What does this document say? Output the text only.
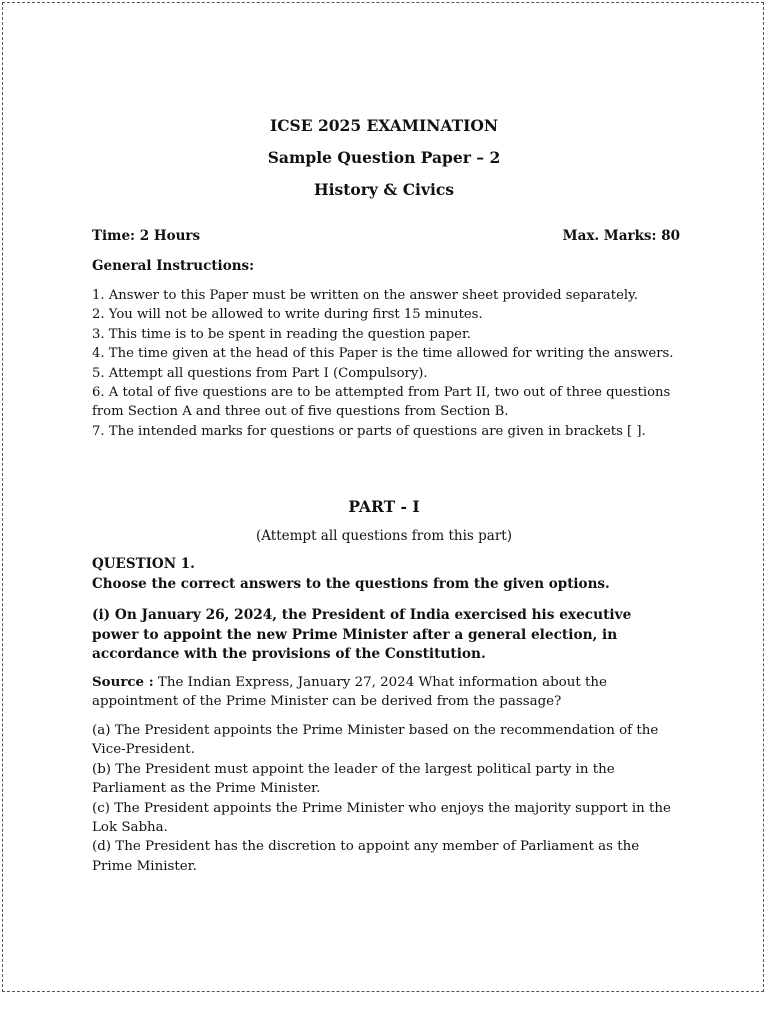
ICSE 2025 EXAMINATION
Sample Question Paper – 2
History & Civics
Time: 2 Hours	Max. Marks: 80
General Instructions:
1. Answer to this Paper must be written on the answer sheet provided separately.
2. You will not be allowed to write during first 15 minutes.
3. This time is to be spent in reading the question paper.
4. The time given at the head of this Paper is the time allowed for writing the answers.
5. Attempt all questions from Part I (Compulsory).
6. A total of five questions are to be attempted from Part II, two out of three questions from Section A and three out of five questions from Section B.
7. The intended marks for questions or parts of questions are given in brackets [ ].
PART - I
(Attempt all questions from this part)
QUESTION 1.
Choose the correct answers to the questions from the given options.
(i) On January 26, 2024, the President of India exercised his executive power to appoint the new Prime Minister after a general election, in accordance with the provisions of the Constitution.
Source : The Indian Express, January 27, 2024 What information about the appointment of the Prime Minister can be derived from the passage?
(a) The President appoints the Prime Minister based on the recommendation of the Vice-President.
(b) The President must appoint the leader of the largest political party in the Parliament as the Prime Minister.
(c) The President appoints the Prime Minister who enjoys the majority support in the Lok Sabha.
(d) The President has the discretion to appoint any member of Parliament as the Prime Minister.
